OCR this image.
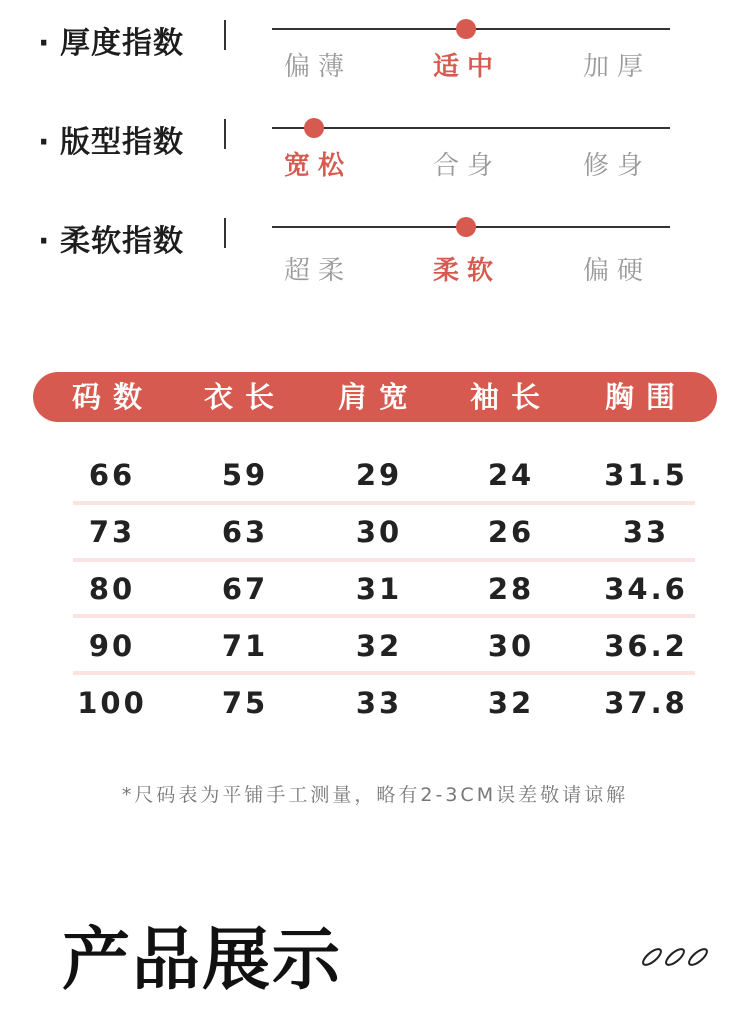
· 厚度指数
偏薄	适中	加厚
· 版型指数
宽松	合身	修身
· 柔软指数
超柔	柔软	偏硬
码数	衣长	肩宽	袖长	胸围
66	59	29	24	31.5
73	63	30	26	33
80	67	31	28	34.6
90	71	32	30	36.2
100	75	33	32	37.8
*尺码表为平铺手工测量，略有2-3CM误差敬请谅解
产品展示
